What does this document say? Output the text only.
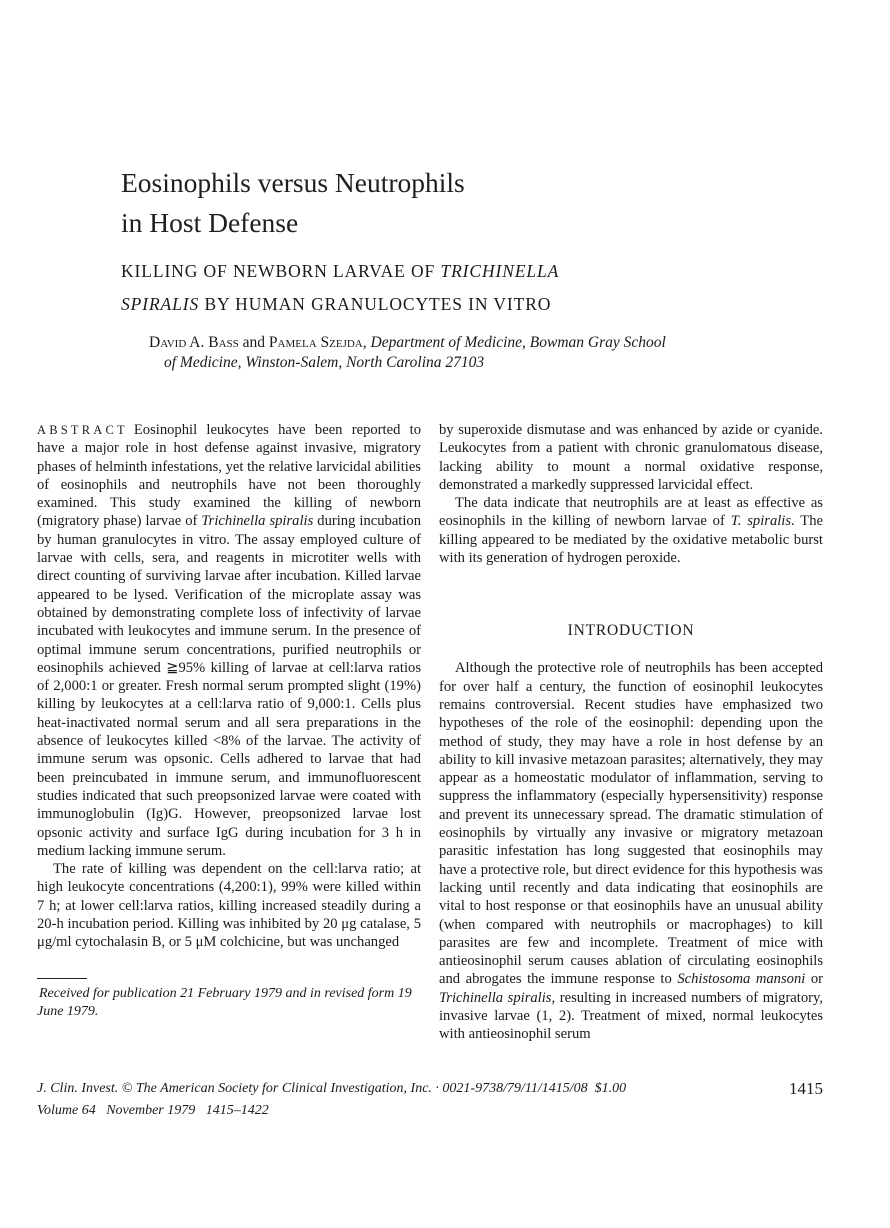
Eosinophils versus Neutrophils
in Host Defense
KILLING OF NEWBORN LARVAE OF TRICHINELLA
SPIRALIS BY HUMAN GRANULOCYTES IN VITRO
David A. Bass and Pamela Szejda, Department of Medicine, Bowman Gray School
of Medicine, Winston-Salem, North Carolina 27103

ABSTRACT Eosinophil leukocytes have been reported to have a major role in host defense against invasive, migratory phases of helminth infestations, yet the relative larvicidal abilities of eosinophils and neutrophils have not been thoroughly examined. This study examined the killing of newborn (migratory phase) larvae of Trichinella spiralis during incubation by human granulocytes in vitro. The assay employed culture of larvae with cells, sera, and reagents in microtiter wells with direct counting of surviving larvae after incubation. Killed larvae appeared to be lysed. Verification of the microplate assay was obtained by demonstrating complete loss of infectivity of larvae incubated with leukocytes and immune serum. In the presence of optimal immune serum concentrations, purified neutrophils or eosinophils achieved ≧95% killing of larvae at cell:larva ratios of 2,000:1 or greater. Fresh normal serum prompted slight (19%) killing by leukocytes at a cell:larva ratio of 9,000:1. Cells plus heat-inactivated normal serum and all sera preparations in the absence of leukocytes killed <8% of the larvae. The activity of immune serum was opsonic. Cells adhered to larvae that had been preincubated in immune serum, and immunofluorescent studies indicated that such preopsonized larvae were coated with immunoglobulin (Ig)G. However, preopsonized larvae lost opsonic activity and surface IgG during incubation for 3 h in medium lacking immune serum.

The rate of killing was dependent on the cell:larva ratio; at high leukocyte concentrations (4,200:1), 99% were killed within 7 h; at lower cell:larva ratios, killing increased steadily during a 20-h incubation period. Killing was inhibited by 20 μg catalase, 5 μg/ml cytochalasin B, or 5 μM colchicine, but was unchanged

Received for publication 21 February 1979 and in revised form 19 June 1979.

by superoxide dismutase and was enhanced by azide or cyanide. Leukocytes from a patient with chronic granulomatous disease, lacking ability to mount a normal oxidative response, demonstrated a markedly suppressed larvicidal effect.

The data indicate that neutrophils are at least as effective as eosinophils in the killing of newborn larvae of T. spiralis. The killing appeared to be mediated by the oxidative metabolic burst with its generation of hydrogen peroxide.

INTRODUCTION

Although the protective role of neutrophils has been accepted for over half a century, the function of eosinophil leukocytes remains controversial. Recent studies have emphasized two hypotheses of the role of the eosinophil: depending upon the method of study, they may have a role in host defense by an ability to kill invasive metazoan parasites; alternatively, they may appear as a homeostatic modulator of inflammation, serving to suppress the inflammatory (especially hypersensitivity) response and prevent its unnecessary spread. The dramatic stimulation of eosinophils by virtually any invasive or migratory metazoan parasitic infestation has long suggested that eosinophils may have a protective role, but direct evidence for this hypothesis was lacking until recently and data indicating that eosinophils are vital to host response or that eosinophils have an unusual ability (when compared with neutrophils or macrophages) to kill parasites are few and incomplete. Treatment of mice with antieosinophil serum causes ablation of circulating eosinophils and abrogates the immune response to Schistosoma mansoni or Trichinella spiralis, resulting in increased numbers of migratory, invasive larvae (1, 2). Treatment of mixed, normal leukocytes with antieosinophil serum

J. Clin. Invest. © The American Society for Clinical Investigation, Inc. · 0021-9738/79/11/1415/08  $1.00
Volume 64   November 1979   1415–1422
1415
